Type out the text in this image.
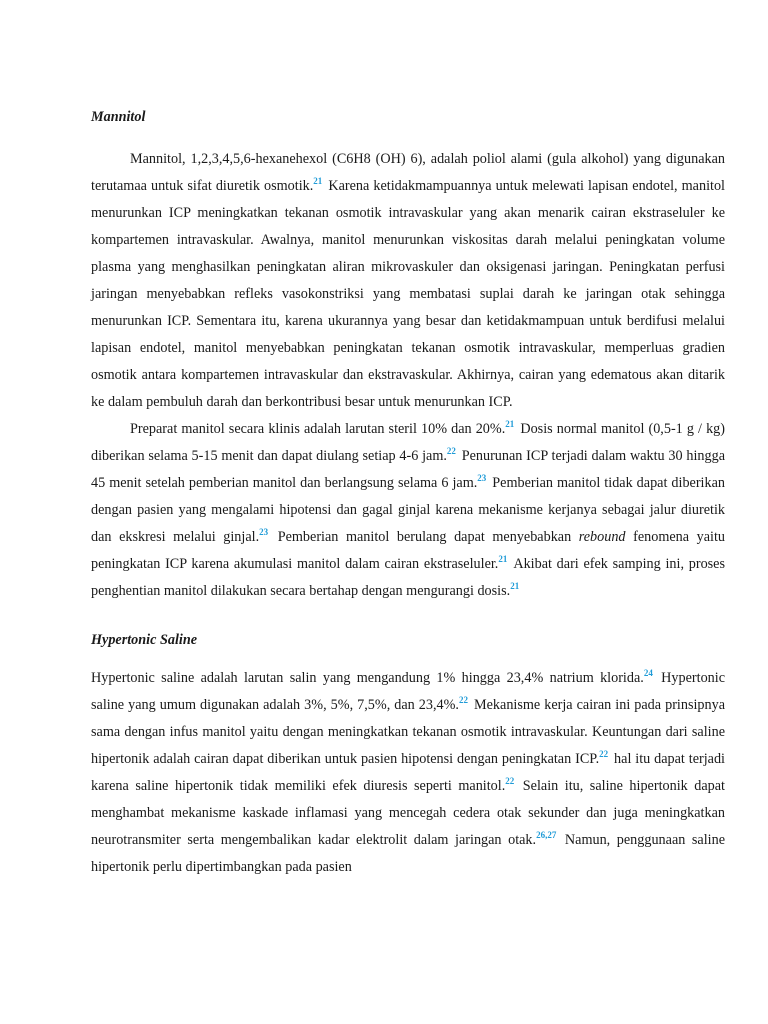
Mannitol

Mannitol, 1,2,3,4,5,6-hexanehexol (C6H8 (OH) 6), adalah poliol alami (gula alkohol) yang digunakan terutamaa untuk sifat diuretik osmotik.$^{21}$ Karena ketidakmampuannya untuk melewati lapisan endotel, manitol menurunkan ICP meningkatkan tekanan osmotik intravaskular yang akan menarik cairan ekstraseluler ke kompartemen intravaskular. Awalnya, manitol menurunkan viskositas darah melalui peningkatan volume plasma yang menghasilkan peningkatan aliran mikrovaskuler dan oksigenasi jaringan. Peningkatan perfusi jaringan menyebabkan refleks vasokonstriksi yang membatasi suplai darah ke jaringan otak sehingga menurunkan ICP. Sementara itu, karena ukurannya yang besar dan ketidakmampuan untuk berdifusi melalui lapisan endotel, manitol menyebabkan peningkatan tekanan osmotik intravaskular, memperluas gradien osmotik antara kompartemen intravaskular dan ekstravaskular. Akhirnya, cairan yang edematous akan ditarik ke dalam pembuluh darah dan berkontribusi besar untuk menurunkan ICP.

Preparat manitol secara klinis adalah larutan steril 10% dan 20%.$^{21}$ Dosis normal manitol (0,5-1 g / kg) diberikan selama 5-15 menit dan dapat diulang setiap 4-6 jam.$^{22}$ Penurunan ICP terjadi dalam waktu 30 hingga 45 menit setelah pemberian manitol dan berlangsung selama 6 jam.$^{23}$ Pemberian manitol tidak dapat diberikan dengan pasien yang mengalami hipotensi dan gagal ginjal karena mekanisme kerjanya sebagai jalur diuretik dan ekskresi melalui ginjal.$^{23}$ Pemberian manitol berulang dapat menyebabkan rebound fenomena yaitu peningkatan ICP karena akumulasi manitol dalam cairan ekstraseluler.$^{21}$ Akibat dari efek samping ini, proses penghentian manitol dilakukan secara bertahap dengan mengurangi dosis.$^{21}$

Hypertonic Saline

Hypertonic saline adalah larutan salin yang mengandung 1% hingga 23,4% natrium klorida.$^{24}$ Hypertonic saline yang umum digunakan adalah 3%, 5%, 7,5%, dan 23,4%.$^{22}$ Mekanisme kerja cairan ini pada prinsipnya sama dengan infus manitol yaitu dengan meningkatkan tekanan osmotik intravaskular. Keuntungan dari saline hipertonik adalah cairan dapat diberikan untuk pasien hipotensi dengan peningkatan ICP.$^{22}$ hal itu dapat terjadi karena saline hipertonik tidak memiliki efek diuresis seperti manitol.$^{22}$ Selain itu, saline hipertonik dapat menghambat mekanisme kaskade inflamasi yang mencegah cedera otak sekunder dan juga meningkatkan neurotransmiter serta mengembalikan kadar elektrolit dalam jaringan otak.$^{26,27}$ Namun, penggunaan saline hipertonik perlu dipertimbangkan pada pasien
